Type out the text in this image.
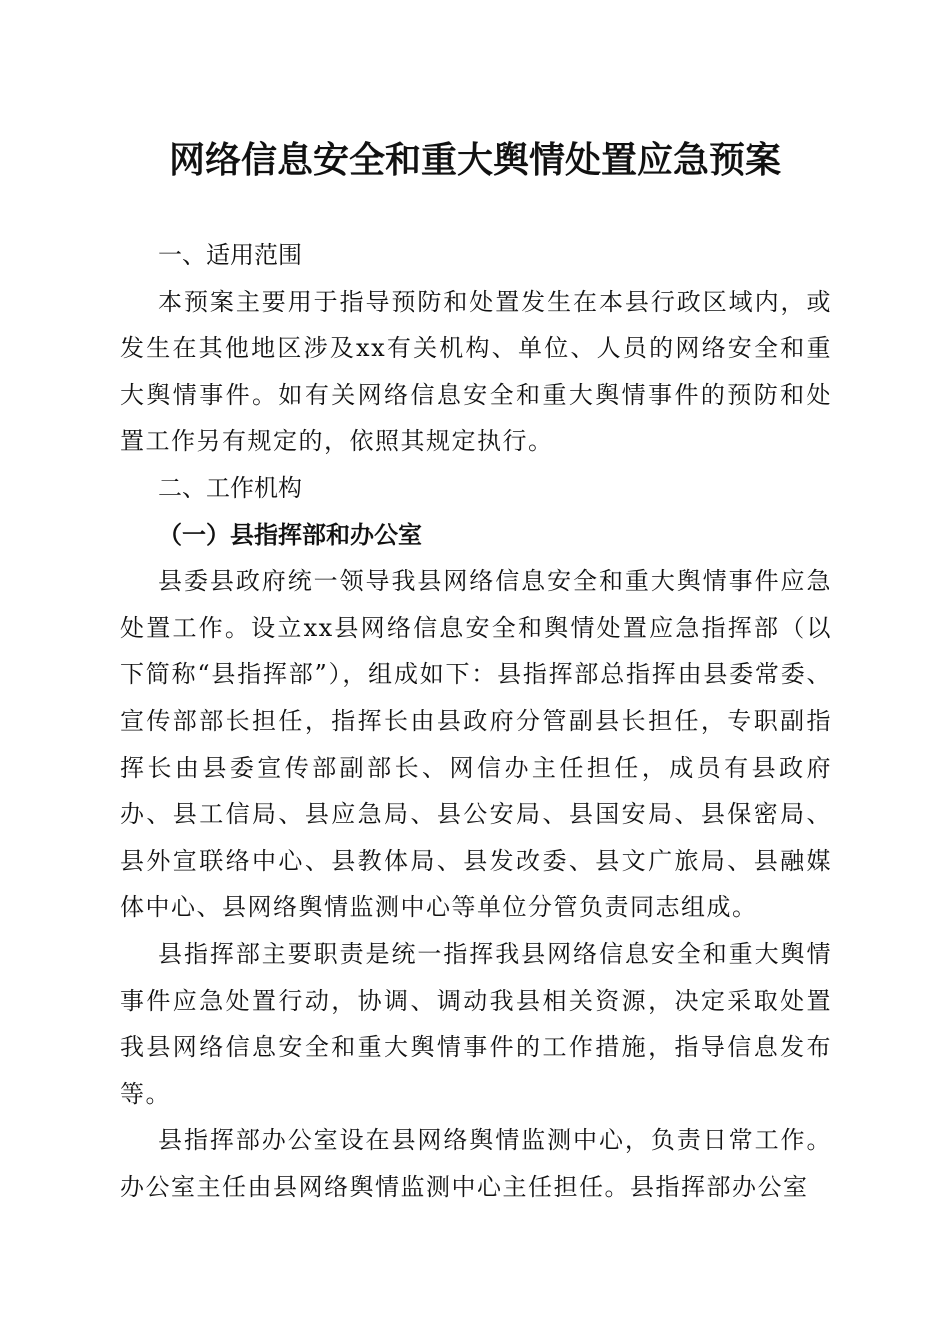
网络信息安全和重大舆情处置应急预案
一、适用范围

本预案主要用于指导预防和处置发生在本县行政区域内，或发生在其他地区涉及xx有关机构、单位、人员的网络安全和重大舆情事件。如有关网络信息安全和重大舆情事件的预防和处置工作另有规定的，依照其规定执行。

二、工作机构
（一）县指挥部和办公室

县委县政府统一领导我县网络信息安全和重大舆情事件应急处置工作。设立xx县网络信息安全和舆情处置应急指挥部（以下简称“县指挥部”），组成如下：县指挥部总指挥由县委常委、宣传部部长担任，指挥长由县政府分管副县长担任，专职副指挥长由县委宣传部副部长、网信办主任担任，成员有县政府办、县工信局、县应急局、县公安局、县国安局、县保密局、县外宣联络中心、县教体局、县发改委、县文广旅局、县融媒体中心、县网络舆情监测中心等单位分管负责同志组成。

县指挥部主要职责是统一指挥我县网络信息安全和重大舆情事件应急处置行动，协调、调动我县相关资源，决定采取处置我县网络信息安全和重大舆情事件的工作措施，指导信息发布等。

县指挥部办公室设在县网络舆情监测中心，负责日常工作。办公室主任由县网络舆情监测中心主任担任。县指挥部办公室
